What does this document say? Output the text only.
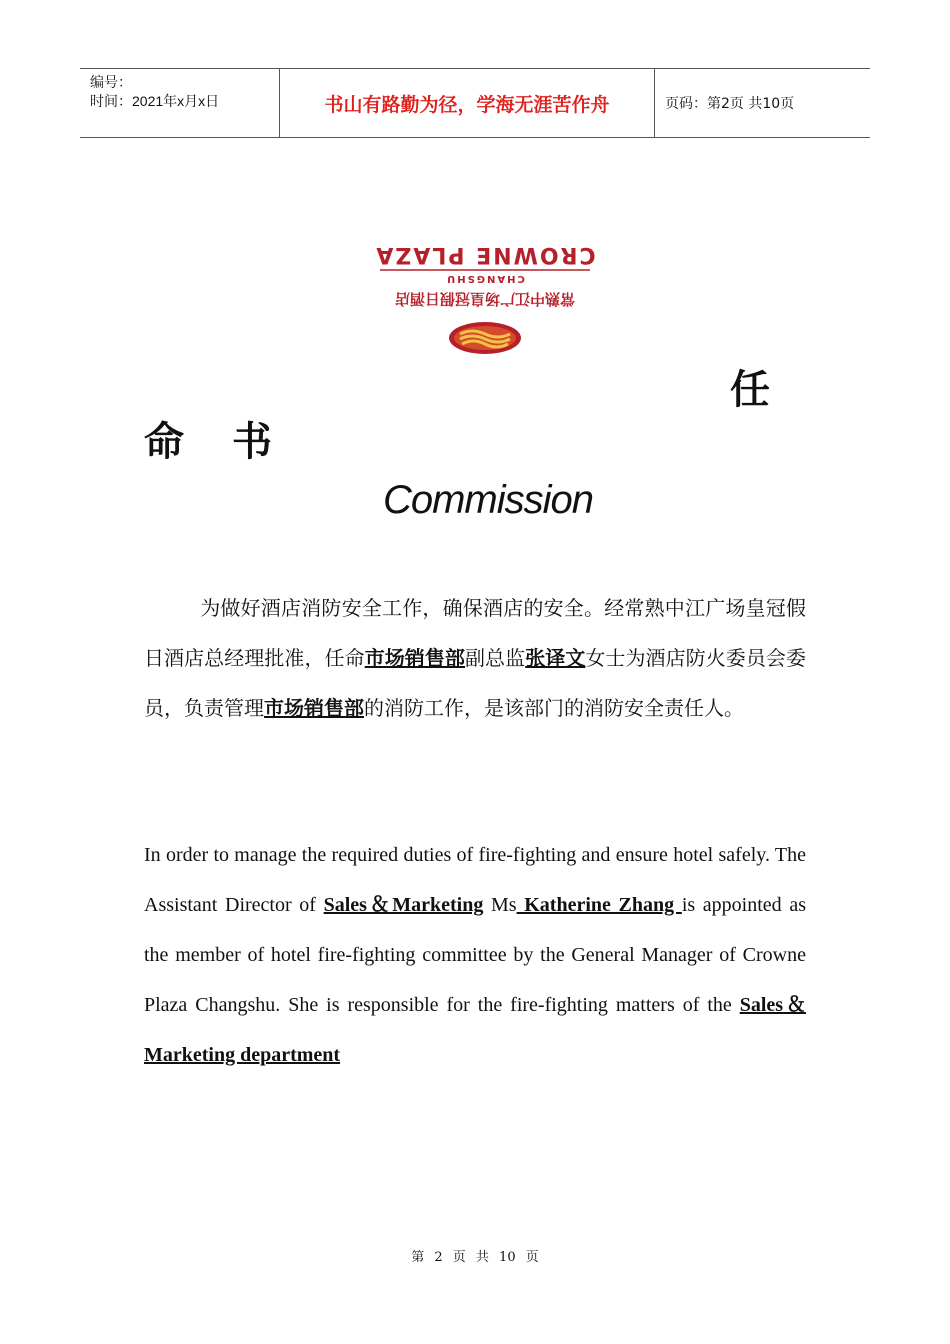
编号：
时间：2021年x月x日	书山有路勤为径，学海无涯苦作舟	页码：第2页 共10页
常熟中江广场皇冠假日酒店
CHANGSHU
CROWNE PLAZA
任
命书
Commission
为做好酒店消防安全工作，确保酒店的安全。经常熟中江广场皇冠假日酒店总经理批准，任命市场销售部副总监张译文女士为酒店防火委员会委员，负责管理市场销售部的消防工作，是该部门的消防安全责任人。
In order to manage the required duties of fire-fighting and ensure hotel safely. The Assistant Director of Sales＆Marketing Ms Katherine Zhang is appointed as the member of hotel fire-fighting committee by the General Manager of Crowne Plaza Changshu. She is responsible for the fire-fighting matters of the Sales＆Marketing department
第 2 页 共 10 页
